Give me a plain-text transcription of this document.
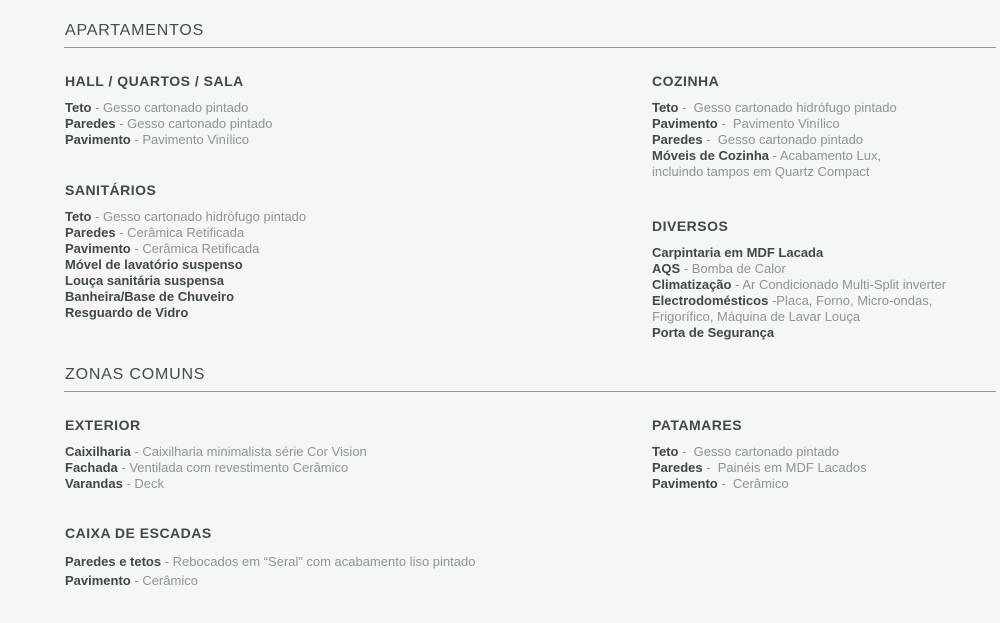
APARTAMENTOS
HALL / QUARTOS / SALA
Teto - Gesso cartonado pintado
Paredes - Gesso cartonado pintado
Pavimento - Pavimento Vinílico
SANITÁRIOS
Teto - Gesso cartonado hidrófugo pintado
Paredes - Cerâmica Retificada
Pavimento - Cerâmica Retificada
Móvel de lavatório suspenso
Louça sanitária suspensa
Banheira/Base de Chuveiro
Resguardo de Vidro
COZINHA
Teto -  Gesso cartonado hidrófugo pintado
Pavimento -  Pavimento Vinílico
Paredes -  Gesso cartonado pintado
Móveis de Cozinha - Acabamento Lux,
incluindo tampos em Quartz Compact
DIVERSOS
Carpintaria em MDF Lacada
AQS - Bomba de Calor
Climatização - Ar Condicionado Multi-Split inverter
Electrodomésticos -Placa, Forno, Micro-ondas,
Frigorífico, Máquina de Lavar Louça
Porta de Segurança
ZONAS COMUNS
EXTERIOR
Caixilharia - Caixilharia minimalista série Cor Vision
Fachada - Ventilada com revestimento Cerâmico
Varandas - Deck
PATAMARES
Teto -  Gesso cartonado pintado
Paredes -  Painéis em MDF Lacados
Pavimento -  Cerâmico
CAIXA DE ESCADAS
Paredes e tetos - Rebocados em “Seral” com acabamento liso pintado
Pavimento - Cerâmico
